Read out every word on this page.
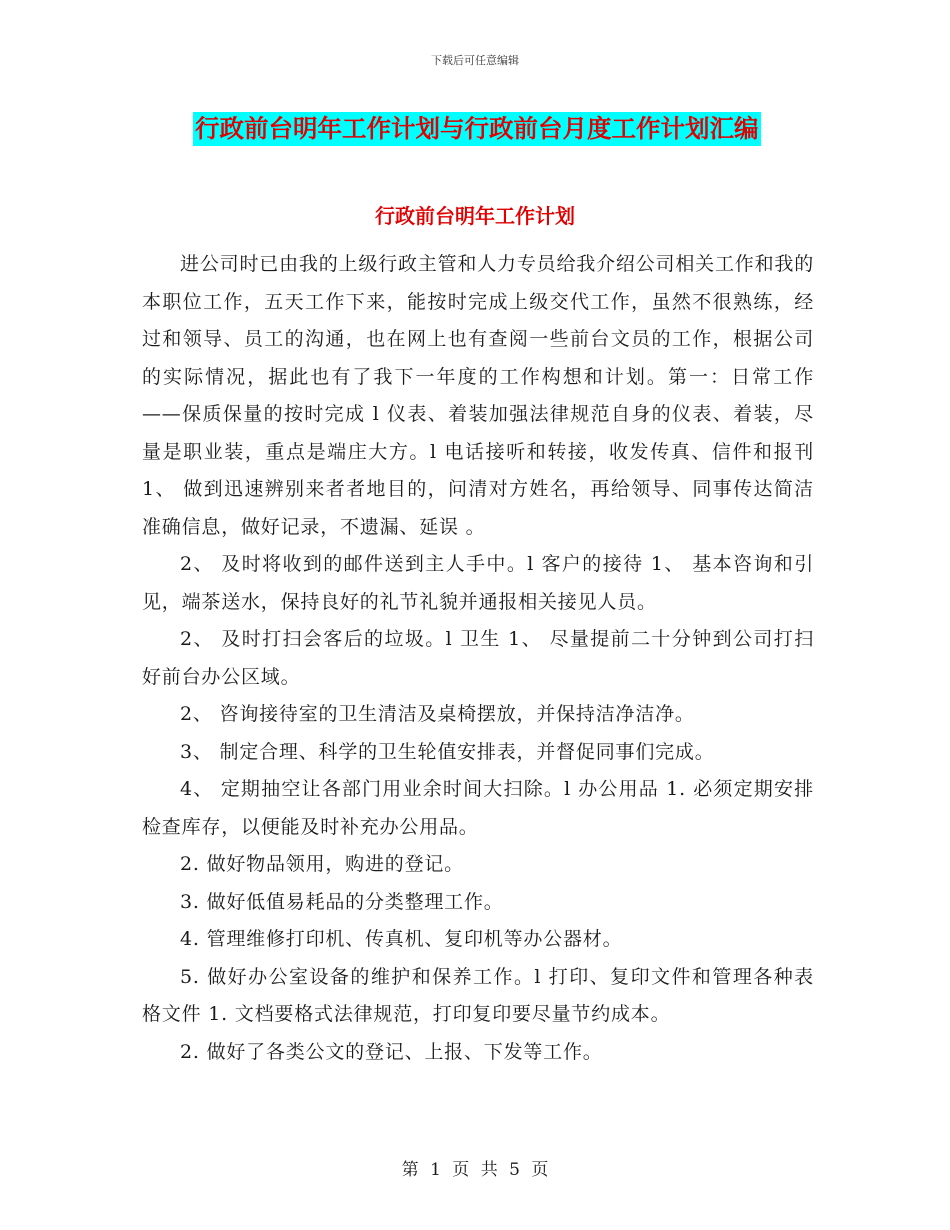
下载后可任意编辑
行政前台明年工作计划与行政前台月度工作计划汇编
行政前台明年工作计划

进公司时已由我的上级行政主管和人力专员给我介绍公司相关工作和我的本职位工作，五天工作下来，能按时完成上级交代工作，虽然不很熟练，经过和领导、员工的沟通，也在网上也有查阅一些前台文员的工作，根据公司的实际情况，据此也有了我下一年度的工作构想和计划。第一：日常工作——保质保量的按时完成 l 仪表、着装加强法律规范自身的仪表、着装，尽量是职业装，重点是端庄大方。l 电话接听和转接，收发传真、信件和报刊 1、 做到迅速辨别来者者地目的，问清对方姓名，再给领导、同事传达简洁准确信息，做好记录，不遗漏、延误 。

2、 及时将收到的邮件送到主人手中。l 客户的接待 1、 基本咨询和引见，端茶送水，保持良好的礼节礼貌并通报相关接见人员。

2、 及时打扫会客后的垃圾。l 卫生 1、 尽量提前二十分钟到公司打扫好前台办公区域。

2、 咨询接待室的卫生清洁及桌椅摆放，并保持洁净洁净。

3、 制定合理、科学的卫生轮值安排表，并督促同事们完成。

4、 定期抽空让各部门用业余时间大扫除。l 办公用品 1. 必须定期安排检查库存，以便能及时补充办公用品。

2. 做好物品领用，购进的登记。

3. 做好低值易耗品的分类整理工作。

4. 管理维修打印机、传真机、复印机等办公器材。

5. 做好办公室设备的维护和保养工作。l 打印、复印文件和管理各种表格文件 1. 文档要格式法律规范，打印复印要尽量节约成本。

2. 做好了各类公文的登记、上报、下发等工作。

第 1 页 共 5 页
